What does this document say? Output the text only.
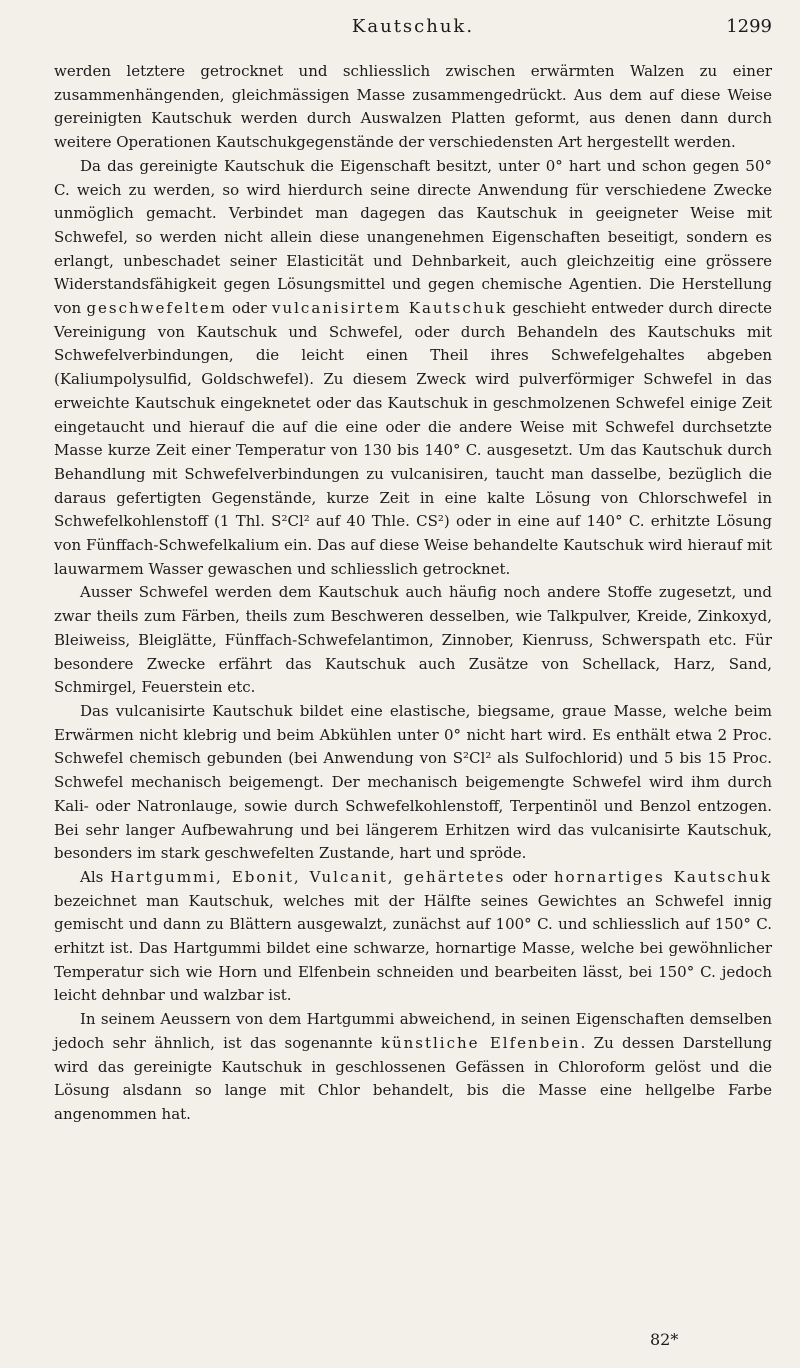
Kautschuk.	1299

werden letztere getrocknet und schliesslich zwischen erwärmten Walzen zu einer zusammenhängenden, gleichmässigen Masse zusammengedrückt. Aus dem auf diese Weise gereinigten Kautschuk werden durch Auswalzen Platten geformt, aus denen dann durch weitere Operationen Kautschukgegenstände der verschiedensten Art hergestellt werden.

Da das gereinigte Kautschuk die Eigenschaft besitzt, unter 0° hart und schon gegen 50° C. weich zu werden, so wird hierdurch seine directe Anwendung für verschiedene Zwecke unmöglich gemacht. Verbindet man dagegen das Kautschuk in geeigneter Weise mit Schwefel, so werden nicht allein diese unangenehmen Eigenschaften beseitigt, sondern es erlangt, unbeschadet seiner Elasticität und Dehnbarkeit, auch gleichzeitig eine grössere Widerstandsfähigkeit gegen Lösungsmittel und gegen chemische Agentien. Die Herstellung von geschwefeltem oder vulcanisirtem Kautschuk geschieht entweder durch directe Vereinigung von Kautschuk und Schwefel, oder durch Behandeln des Kautschuks mit Schwefelverbindungen, die leicht einen Theil ihres Schwefelgehaltes abgeben (Kaliumpolysulfid, Goldschwefel). Zu diesem Zweck wird pulverförmiger Schwefel in das erweichte Kautschuk eingeknetet oder das Kautschuk in geschmolzenen Schwefel einige Zeit eingetaucht und hierauf die auf die eine oder die andere Weise mit Schwefel durchsetzte Masse kurze Zeit einer Temperatur von 130 bis 140° C. ausgesetzt. Um das Kautschuk durch Behandlung mit Schwefelverbindungen zu vulcanisiren, taucht man dasselbe, bezüglich die daraus gefertigten Gegenstände, kurze Zeit in eine kalte Lösung von Chlorschwefel in Schwefelkohlenstoff (1 Thl. S²Cl² auf 40 Thle. CS²) oder in eine auf 140° C. erhitzte Lösung von Fünffach-Schwefelkalium ein. Das auf diese Weise behandelte Kautschuk wird hierauf mit lauwarmem Wasser gewaschen und schliesslich getrocknet.

Ausser Schwefel werden dem Kautschuk auch häufig noch andere Stoffe zugesetzt, und zwar theils zum Färben, theils zum Beschweren desselben, wie Talkpulver, Kreide, Zinkoxyd, Bleiweiss, Bleiglätte, Fünffach-Schwefelantimon, Zinnober, Kienruss, Schwerspath etc. Für besondere Zwecke erfährt das Kautschuk auch Zusätze von Schellack, Harz, Sand, Schmirgel, Feuerstein etc.

Das vulcanisirte Kautschuk bildet eine elastische, biegsame, graue Masse, welche beim Erwärmen nicht klebrig und beim Abkühlen unter 0° nicht hart wird. Es enthält etwa 2 Proc. Schwefel chemisch gebunden (bei Anwendung von S²Cl² als Sulfochlorid) und 5 bis 15 Proc. Schwefel mechanisch beigemengt. Der mechanisch beigemengte Schwefel wird ihm durch Kali- oder Natronlauge, sowie durch Schwefelkohlenstoff, Terpentinöl und Benzol entzogen. Bei sehr langer Aufbewahrung und bei längerem Erhitzen wird das vulcanisirte Kautschuk, besonders im stark geschwefelten Zustande, hart und spröde.

Als Hartgummi, Ebonit, Vulcanit, gehärtetes oder hornartiges Kautschuk bezeichnet man Kautschuk, welches mit der Hälfte seines Gewichtes an Schwefel innig gemischt und dann zu Blättern ausgewalzt, zunächst auf 100° C. und schliesslich auf 150° C. erhitzt ist. Das Hartgummi bildet eine schwarze, hornartige Masse, welche bei gewöhnlicher Temperatur sich wie Horn und Elfenbein schneiden und bearbeiten lässt, bei 150° C. jedoch leicht dehnbar und walzbar ist.

In seinem Aeussern von dem Hartgummi abweichend, in seinen Eigenschaften demselben jedoch sehr ähnlich, ist das sogenannte künstliche Elfenbein. Zu dessen Darstellung wird das gereinigte Kautschuk in geschlossenen Gefässen in Chloroform gelöst und die Lösung alsdann so lange mit Chlor behandelt, bis die Masse eine hellgelbe Farbe angenommen hat.

82*
